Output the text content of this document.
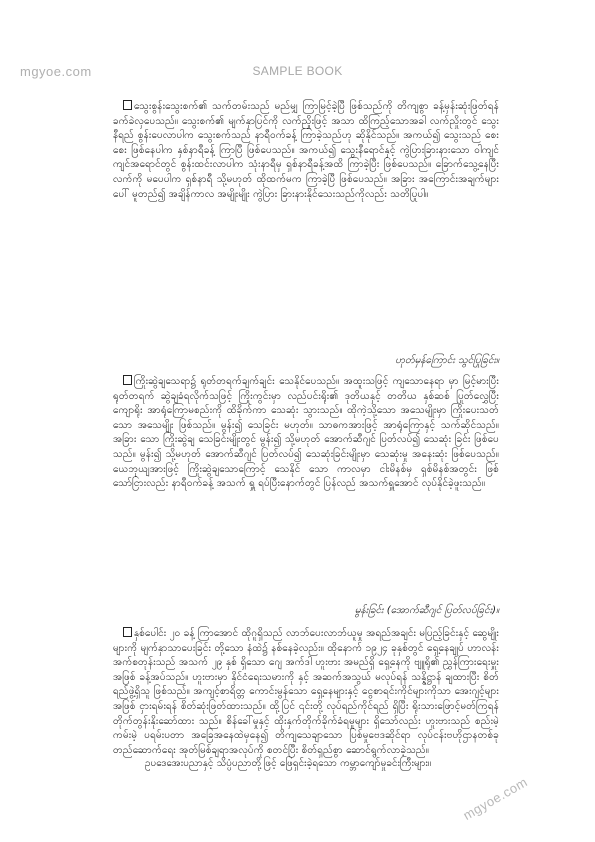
mgyoe.com	SAMPLE BOOK
သွေးစွန်းသွေးစက်၏ သက်တမ်းသည် မည်မျှ ကြာမြင့်ခဲ့ပြီ ဖြစ်သည်ကို တိကျစွာ ခန့်မှန်းဆုံးဖြတ်ရန် ခက်ခဲလှပေသည်။ သွေးစက်၏ မျက်နှာပြင်ကို လက်ညှိုးဖြင့် အသာ ထိကြည့်သောအခါ လက်ညှိုးတွင် သွေးနီရည် စွန်းပေလာပါက သွေးစက်သည် နာရီဝက်ခန့် ကြာခဲ့သည်ဟု ဆိုနိုင်သည်။ အကယ်၍ သွေးသည် စေးစေး ဖြစ်နေပါက နှစ်နာရီခန့် ကြာပြီ ဖြစ်ပေသည်။ အကယ်၍ သွေးနီရောင်နှင့် ကွဲပြားခြားနားသော ဝါကျင်ကျင်အရောင်တွင် စွန်းထင်းလာပါက သုံးနာရီမှ ရှစ်နာရီခန့်အထိ ကြာခဲ့ပြီး ဖြစ်ပေသည်။ ခြောက်သွေ့နေပြီး လက်ကို မပေပါက ရှစ်နာရီ သို့မဟုတ် ထိုထက်မက ကြာခဲ့ပြီ ဖြစ်ပေသည်။ အခြား အကြောင်းအချက်များပေါ် မူတည်၍ အချိန်ကာလ အမျိုးမျိုး ကွဲပြား ခြားနားနိုင်သေးသည်ကိုလည်း သတိပြုပါ။
ဟုတ်မှန်ကြောင်း သွင်ပြုခြင်း။
ကြိုးဆွဲချသေရာ၌ ရုတ်တရက်ချက်ချင်း သေနိုင်ပေသည်။ အထူးသဖြင့် ကျသောနေရာ မှာ မြင့်မားပြီး ရုတ်တရက် ဆွဲချခံရလိုက်သဖြင့် ကြိုးကွင်းမှာ လည်ပင်းရိုး၏ ဒုတိယနှင့် တတိယ နှစ်ဆစ် ပြုတ်လွှေပြီး ကျောရိုး အာရုံကြောမစည်းကို ထိခိုက်ကာ သေဆုံး သွားသည်။ ထိုကဲ့သို့သော အသေမျိုးမှာ ကြိုးပေးသတ်သော အသေမျိုး ဖြစ်သည်။ မွန်း၍ သေခြင်း မဟုတ်။ သာဓကအားဖြင့် အာရုံကြောနှင့် သက်ဆိုင်သည်။ အခြား သော ကြိုးဆွဲချ သေခြင်းမျိုးတွင် မွန်း၍ သို့မဟုတ် အောက်ဆီဂျင် ပြတ်လပ်၍ သေဆုံး ခြင်း ဖြစ်ပေသည်။ မွန်း၍ သို့မဟုတ် အောက်ဆီဂျင် ပြတ်လပ်၍ သေဆုံးခြင်းမျိုးမှာ သေဆုံးမှု အနေးဆုံး ဖြစ်ပေသည်။ ယေဘုယျအားဖြင့် ကြိုးဆွဲချသောကြောင့် သေနိုင် သော ကာလမှာ ငါးမိနစ်မှ ရှစ်မိနစ်အတွင်း ဖြစ်သော်ငြားလည်း နာရီဝက်ခန့် အသက် ရှူ ရပ်ပြီးနောက်တွင် ပြန်လည် အသက်ရှူအောင် လုပ်နိုင်ခဲ့ဖူးသည်။
မွန်းခြင်း (အောက်ဆီဂျင် ပြတ်လပ်ခြင်း)။
နှစ်ပေါင်း ၂၀ ခန့် ကြာအောင် ထိုဂူရှိသည် လာဘ်ပေးလာဘ်ယူမှု အရည်အချင်း မပြည့်ခြင်းနှင့် ဆွေမျိုးများကို မျက်နှာသာပေးခြင်း တို့သော နံထဲ၌ နစ်နေခဲ့လည်း။ ထိုနောက် ၁၉၂၄ ခုနှစ်တွင် ရှေ့နေချုပ် ဟာလန်း အက်စတုန်းသည် အသက် ၂၉ နှစ် ရှိသော ဂျေ အက်ဒါ ဟူးဗား အမည်ရှိ ရှေ့နေကို ဗျူရို၏ ညွှန်ကြားရေးမှူးအဖြစ် ခန့်အပ်သည်။ ဟူးဗားမှာ နိုင်ငံရေးသမားကို နှင့် အဆက်အသွယ် မလုပ်ရန် သန္နိဋ္ဌာန် ချထားပြီး စိတ်ရည်ဖွဲ့ရှိသူ ဖြစ်သည်။ အကျင့်စာရိတ္တ ကောင်းမွန်သော ရှေ့နေများနှင့် ငွေစာရင်းကိုင်များကိုသာ အေးဂျင့်များအဖြစ် ငှားရမ်းရန် စိတ်ဆုံးဖြတ်ထားသည်။ ထို့ပြင် ၎င်းတို့ လုပ်ရည်ကိုင်ရည် ရှိပြီး ရိုးသားဖြောင့်မတ်ကြရန် တိုက်တွန်းနိုးဆော်ထား သည်။ စိန်ခေါ်မှုနှင့် ထိုးနှက်တိုက်ခိုက်ခံရမှုများ ရှိသော်လည်း ဟူးဗားသည် စည်းမဲ့ ကမ်းမဲ့ ပရမ်းပတာ အခြေအနေထဲမှနေ၍ တိကျသေချာသော ပြစ်မှုဗေဒဆိုင်ရာ လုပ်ငန်းဗဟိုဌာနတစ်ခု တည်ဆောက်ရေး အုတ်မြစ်ချရာအလုပ်ကို စတင်ပြီး စိတ်ရှည်စွာ ဆောင်ရွက်လာခဲ့သည်။
ဥပဒေအေးပညာနှင့် သိပ္ပံပညာတို့ဖြင့် ဖြေရှင်းခဲ့ရသော ကမ္ဘာကျော်မှုခင်းကြီးများ။
mgyoe.com
